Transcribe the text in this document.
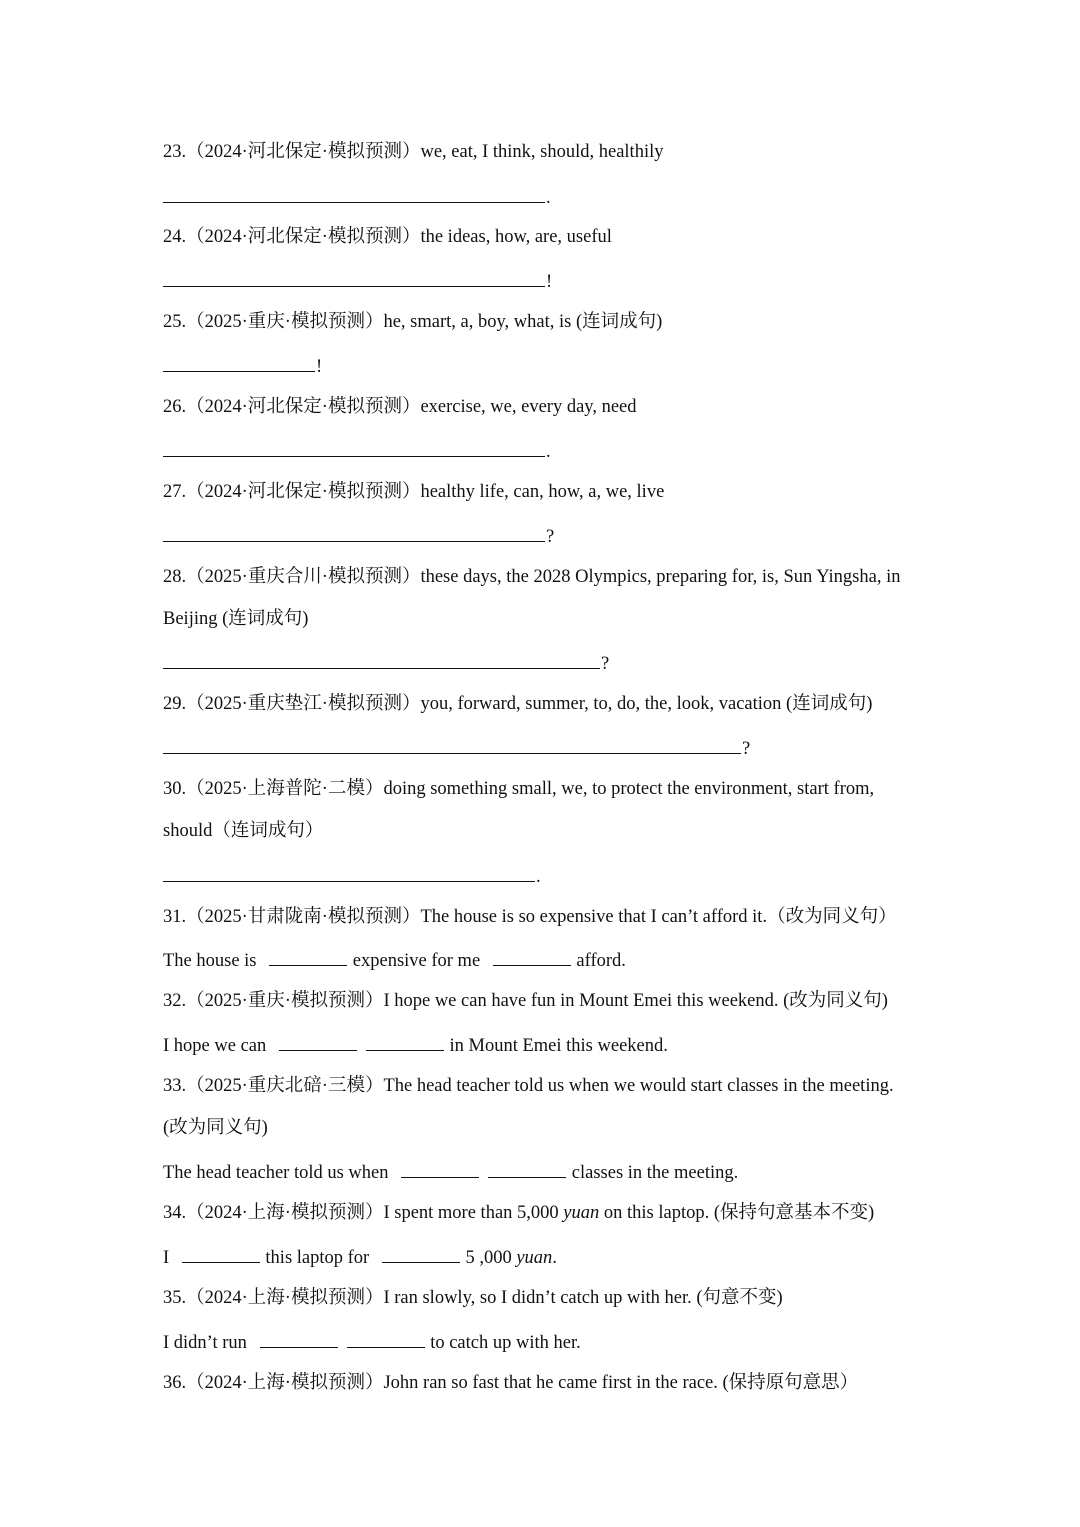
23.（2024·河北保定·模拟预测）we, eat, I think, should, healthily
.
24.（2024·河北保定·模拟预测）the ideas, how, are, useful
!
25.（2025·重庆·模拟预测）he, smart, a, boy, what, is (连词成句)
!
26.（2024·河北保定·模拟预测）exercise, we, every day, need
.
27.（2024·河北保定·模拟预测）healthy life, can, how, a, we, live
?
28.（2025·重庆合川·模拟预测）these days, the 2028 Olympics, preparing for, is, Sun Yingsha, in
Beijing (连词成句)
?
29.（2025·重庆垫江·模拟预测）you, forward, summer, to, do, the, look, vacation (连词成句)
?
30.（2025·上海普陀·二模）doing something small, we, to protect the environment, start from,
should（连词成句）
.
31.（2025·甘肃陇南·模拟预测）The house is so expensive that I can’t afford it.（改为同义句）
The house is	expensive for me	afford.
32.（2025·重庆·模拟预测）I hope we can have fun in Mount Emei this weekend. (改为同义句)
I hope we can	in Mount Emei this weekend.
33.（2025·重庆北碚·三模）The head teacher told us when we would start classes in the meeting.
(改为同义句)
The head teacher told us when	classes in the meeting.
34.（2024·上海·模拟预测）I spent more than 5,000 yuan on this laptop. (保持句意基本不变)
I	this laptop for	5 ,000 yuan.
35.（2024·上海·模拟预测）I ran slowly, so I didn’t catch up with her. (句意不变)
I didn’t run	to catch up with her.
36.（2024·上海·模拟预测）John ran so fast that he came first in the race. (保持原句意思）
